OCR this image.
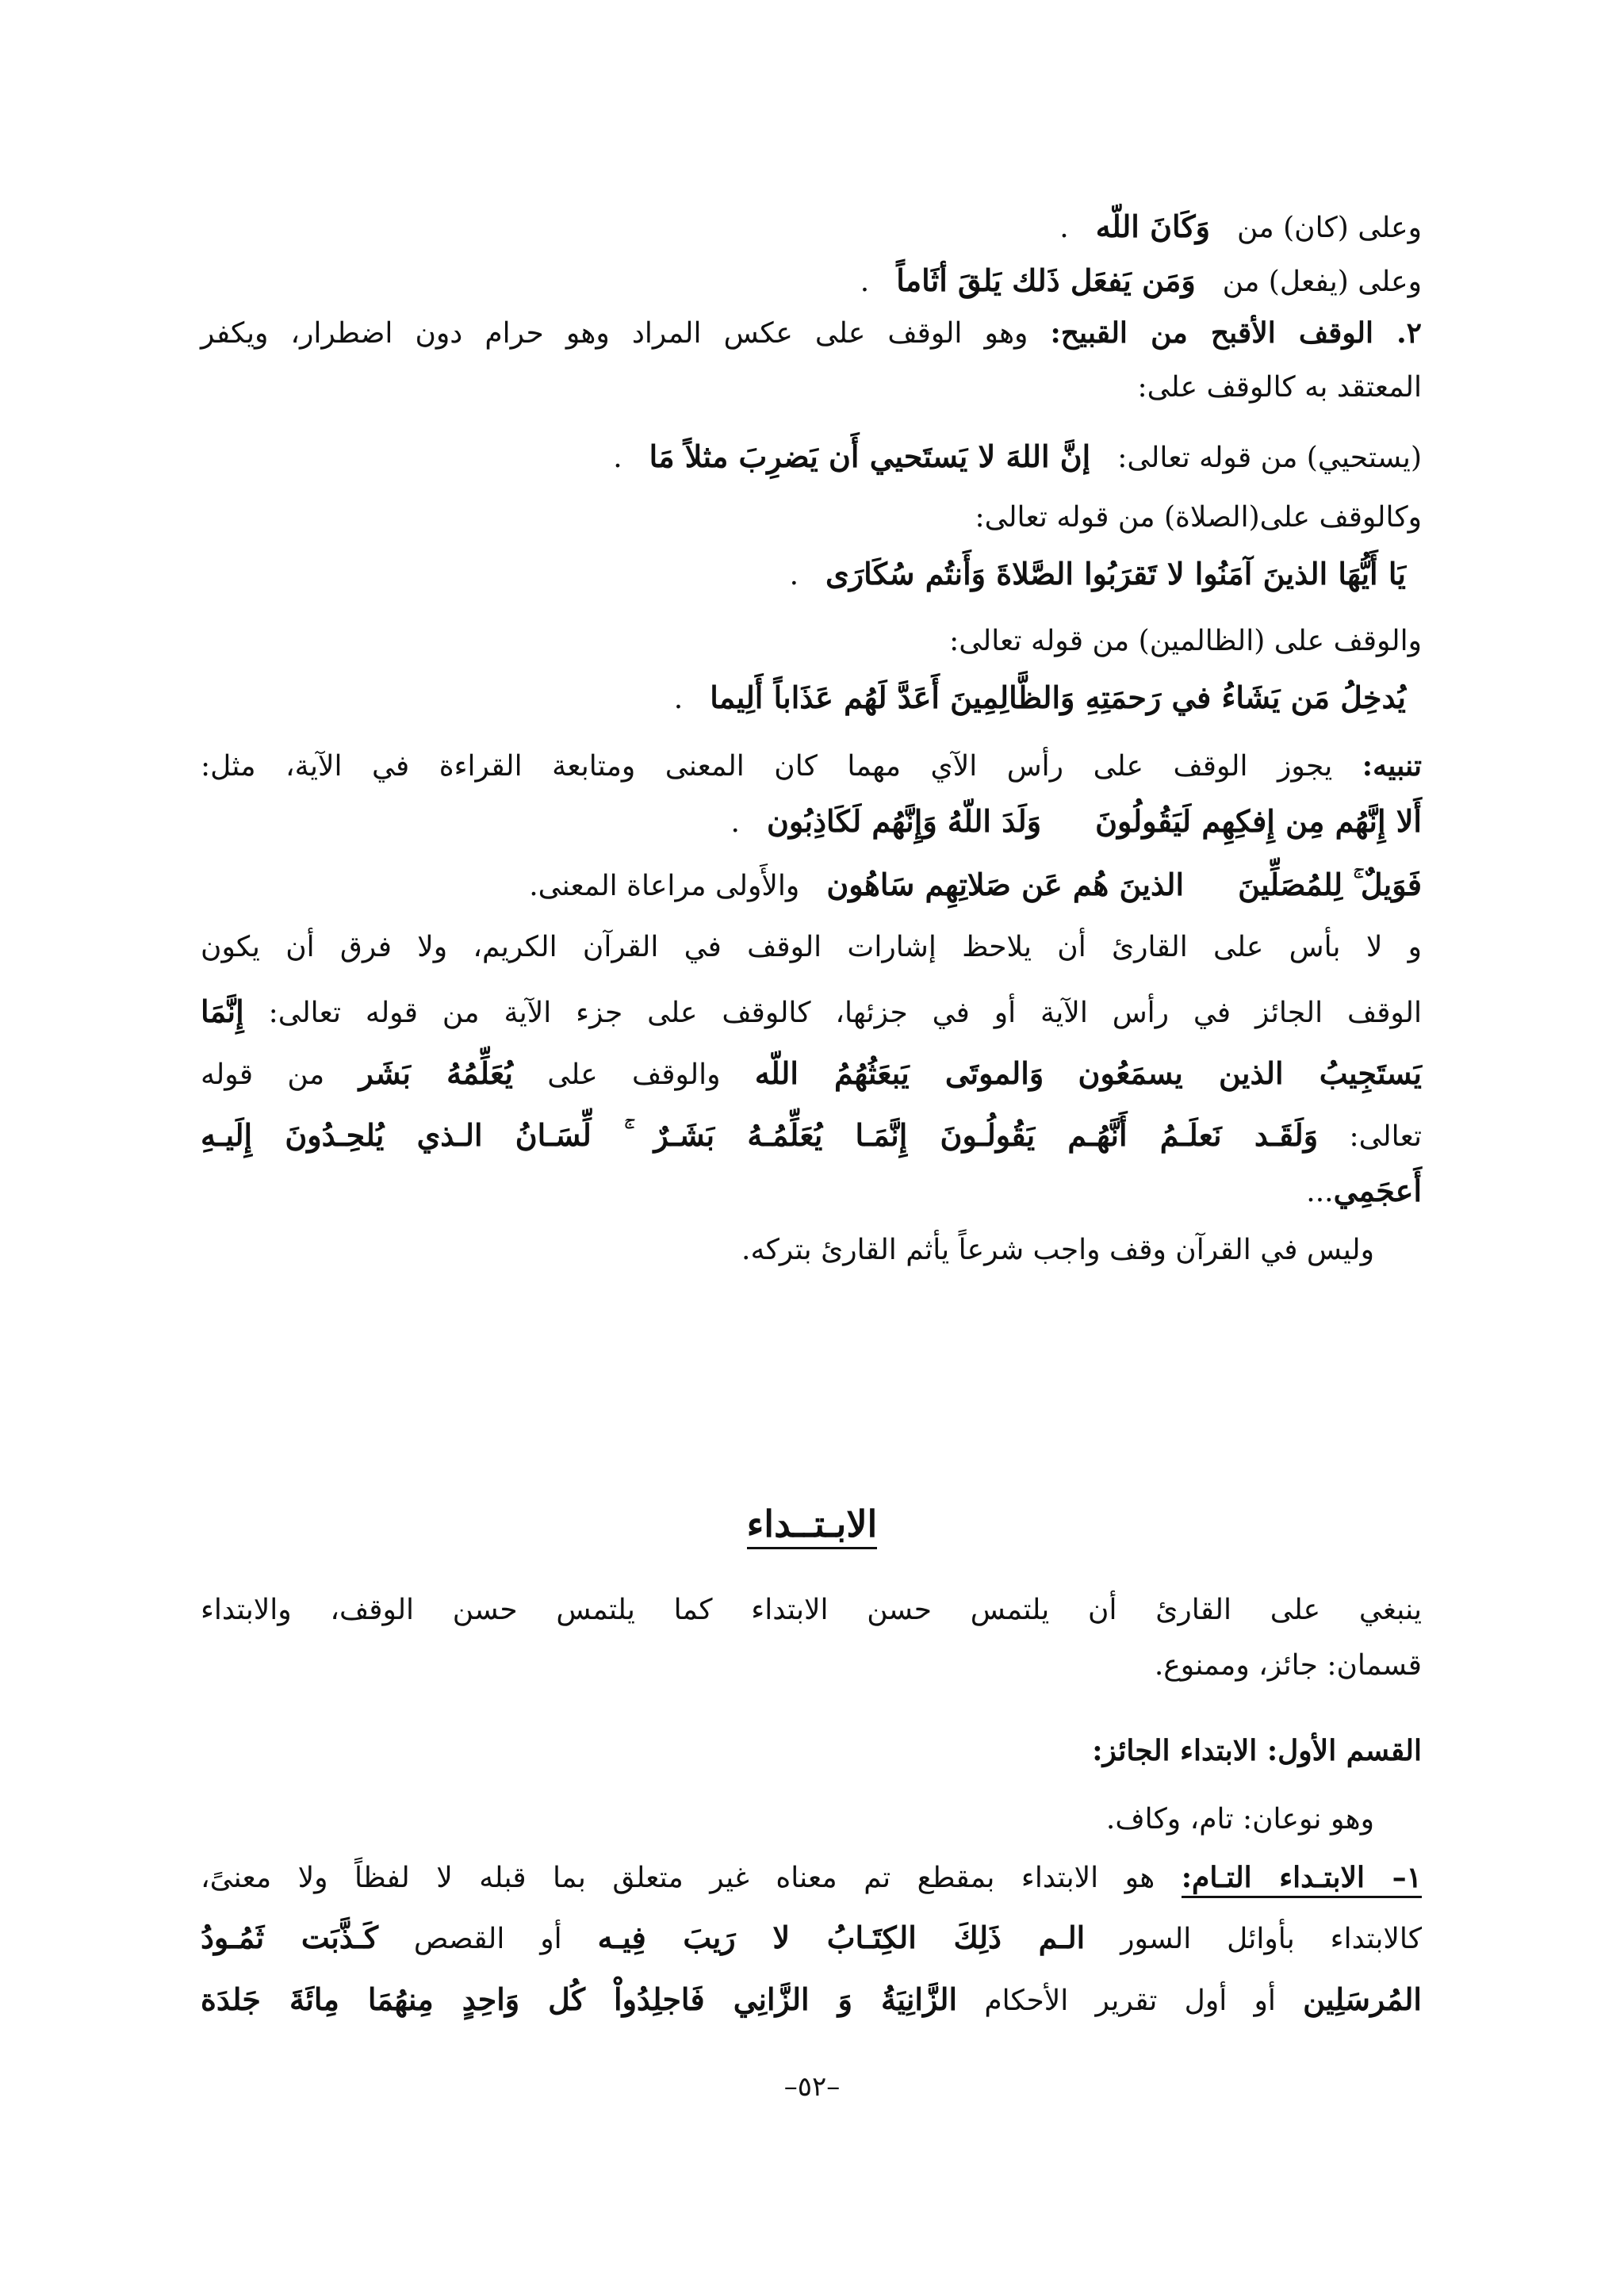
وعلى (كان) منوَكَانَ اللّه.
وعلى (يفعل) منوَمَن يَفعَل ذَلك يَلقَ أثَاماً.
٢. الوقف الأقبح من القبيح: وهو الوقف على عكس المراد وهو حرام دون اضطرار، ويكفر
المعتقد به كالوقف على:
(يستحيي) من قوله تعالى:إنَّ اللهَ لا يَستَحيي أَن يَضرِبَ مثلاً مَا.
وكالوقف على(الصلاة) من قوله تعالى:
يَا أَيُّهَا الذينَ آمَنُوا لا تَقرَبُوا الصَّلاةَ وَأَنتُم سُكَارَى.
والوقف على (الظالمين) من قوله تعالى:
يُدخِلُ مَن يَشَاءُ في رَحمَتِهِ وَالظَّالِمِينَ أَعَدَّ لَهُم عَذَاباً أَلِيما.
تنبيه: يجوز الوقف على رأس الآي مهما كان المعنى ومتابعة القراءة في الآية، مثل:
أَلا إِنَّهُم مِن إِفكِهِم لَيَقُولُونَوَلَدَ اللّهُ وَإِنَّهُم لَكَاذِبُون.
فَوَيلٌ ۚ لِلمُصَلِّينَالذينَ هُم عَن صَلاتِهِم سَاهُونوالأَولى مراعاة المعنى.
و لا بأس على القارئ أن يلاحظ إشارات الوقف في القرآن الكريم، ولا فرق أن يكون
الوقف الجائز في رأس الآية أو في جزئها، كالوقف على جزء الآية من قوله تعالى: إِنَّمَا
يَستَجِيبُ الذين يسمَعُون وَالموتَى يَبعَثُهُمُ اللّه والوقف على يُعَلِّمُهُ بَشَر من قوله
تعالى: وَلَقَـد نَعلَـمُ أَنَّهُـم يَقُولُـونَ إِنَّمَـا يُعَلِّمُـهُ بَشَـرٌ ۚ لِّسَـانُ الـذي يُلحِـدُونَ إِلَيـهِ
أَعجَمِي...
وليس في القرآن وقف واجب شرعاً يأثم القارئ بتركه.
الابـتــداء
ينبغي على القارئ أن يلتمس حسن الابتداء كما يلتمس حسن الوقف، والابتداء
قسمان: جائز، وممنوع.
القسم الأول: الابتداء الجائز:
وهو نوعان: تام، وكاف.
١– الابتـداء التـام: هو الابتداء بمقطع تم معناه غير متعلق بما قبله لا لفظاً ولا معنىً،
كالابتداء بأوائل السور الـم ذَلِكَ الكِتَـابُ لا رَيبَ فِيـه أو القصص كَـذَّبَت ثَمُـودُ
المُرسَلِين أو أول تقرير الأحكام الزَّانِيَةُ وَ الزَّانِي فَاجلِدُواْ كُل وَاحِدٍ مِنهُمَا مِائَةَ جَلدَة
–٥٢–
